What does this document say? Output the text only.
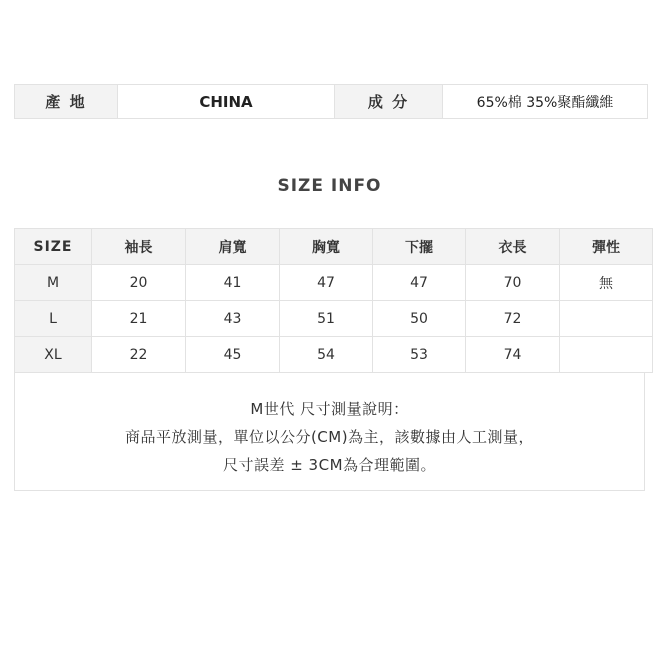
產 地	CHINA	成 分	65%棉 35%聚酯纖維
SIZE INFO
SIZE	袖長	肩寬	胸寬	下擺	衣長	彈性
M	20	41	47	47	70	無
L	21	43	51	50	72	
XL	22	45	54	53	74	
M世代 尺寸測量說明：
商品平放測量，單位以公分(CM)為主，該數據由人工測量，
尺寸誤差 ± 3CM為合理範圍。
